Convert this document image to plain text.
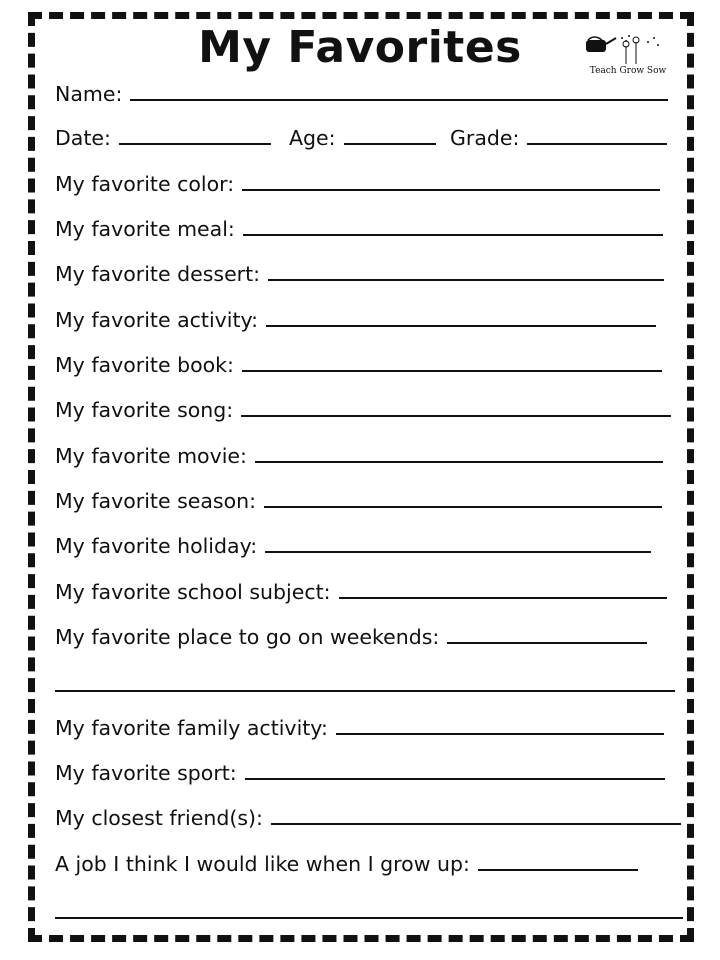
My Favorites	Teach Grow Sow
Name:
Date:	Age:	Grade:
My favorite color:
My favorite meal:
My favorite dessert:
My favorite activity:
My favorite book:
My favorite song:
My favorite movie:
My favorite season:
My favorite holiday:
My favorite school subject:
My favorite place to go on weekends:
My favorite family activity:
My favorite sport:
My closest friend(s):
A job I think I would like when I grow up:
